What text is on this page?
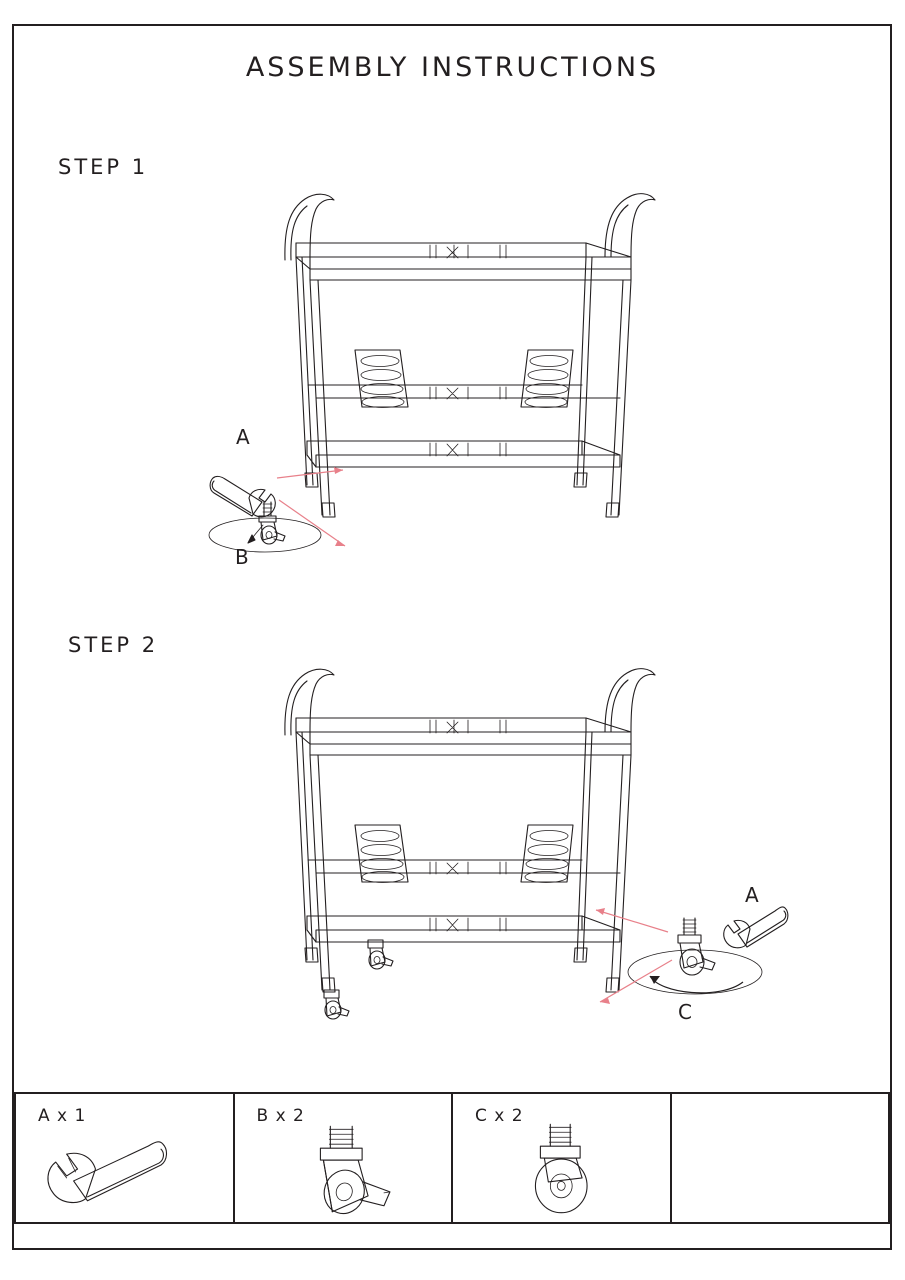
ASSEMBLY INSTRUCTIONS
STEP 1
A
B
STEP 2
A
C
A x 1	B x 2	C x 2
